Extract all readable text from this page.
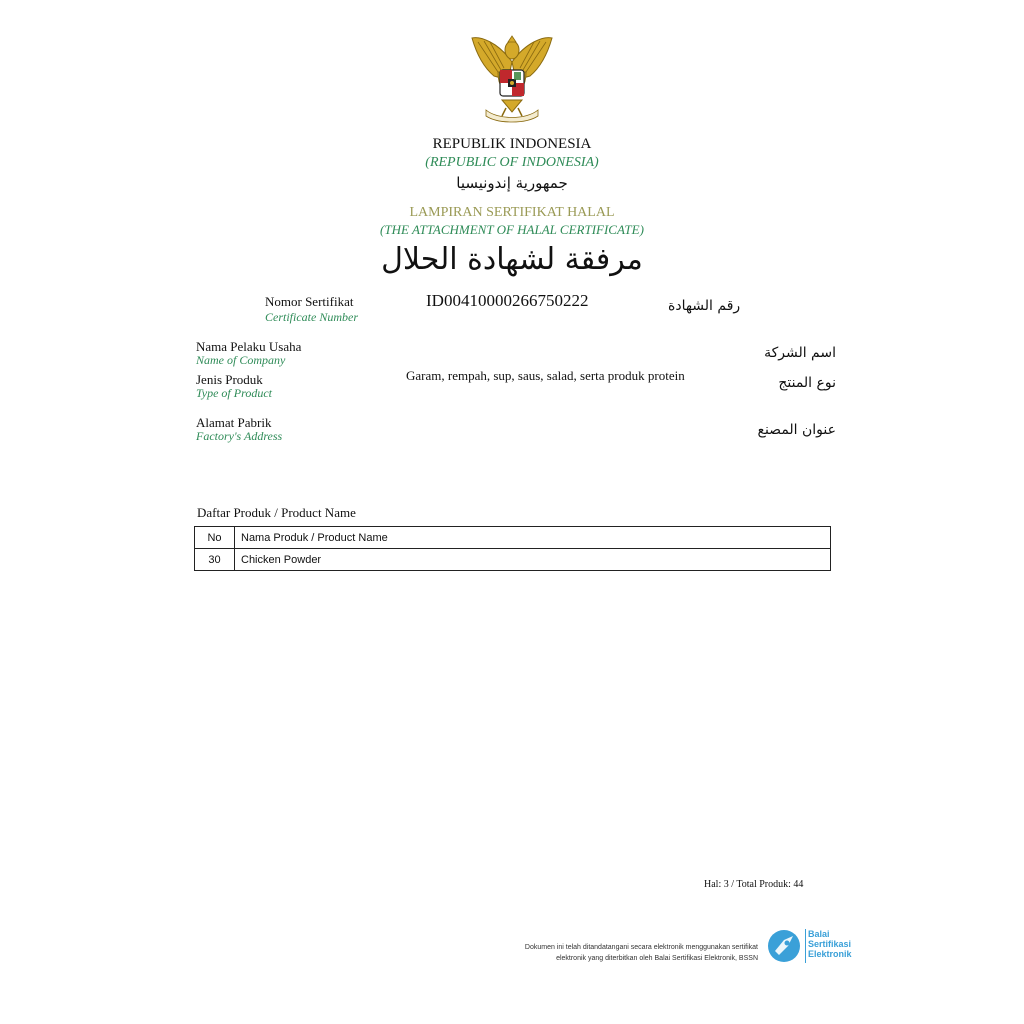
REPUBLIK INDONESIA
(REPUBLIC OF INDONESIA)
جمهورية إندونيسيا
LAMPIRAN SERTIFIKAT HALAL
(THE ATTACHMENT OF HALAL CERTIFICATE)
مرفقة لشهادة الحلال
Nomor Sertifikat
Certificate Number
ID00410000266750222	رقم الشهادة
Nama Pelaku Usaha
Name of Company	اسم الشركة
Jenis Produk
Type of Product
Garam, rempah, sup, saus, salad, serta produk protein	نوع المنتج
Alamat Pabrik
Factory's Address	عنوان المصنع
Daftar Produk / Product Name
No	Nama Produk / Product Name
30	Chicken Powder
Hal: 3 / Total Produk: 44
Dokumen ini telah ditandatangani secara elektronik menggunakan sertifikat
elektronik yang diterbitkan oleh Balai Sertifikasi Elektronik, BSSN
Balai
Sertifikasi
Elektronik
